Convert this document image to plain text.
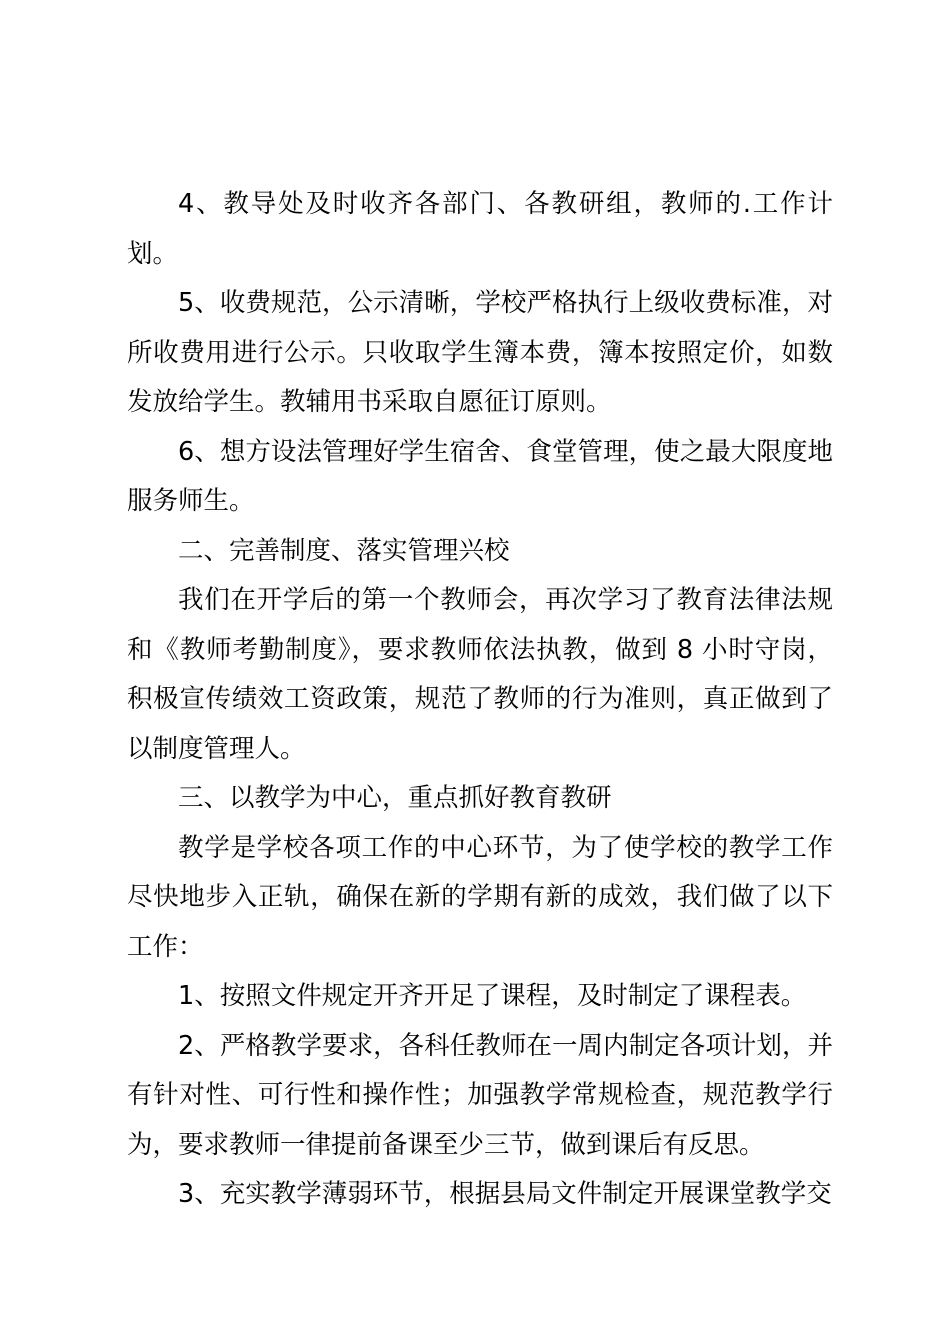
4、教导处及时收齐各部门、各教研组，教师的.工作计划。

5、收费规范，公示清晰，学校严格执行上级收费标准，对所收费用进行公示。只收取学生簿本费，簿本按照定价，如数发放给学生。教辅用书采取自愿征订原则。

6、想方设法管理好学生宿舍、食堂管理，使之最大限度地服务师生。

二、完善制度、落实管理兴校

我们在开学后的第一个教师会，再次学习了教育法律法规和《教师考勤制度》，要求教师依法执教，做到 8 小时守岗，积极宣传绩效工资政策，规范了教师的行为准则，真正做到了以制度管理人。

三、以教学为中心，重点抓好教育教研

教学是学校各项工作的中心环节，为了使学校的教学工作尽快地步入正轨，确保在新的学期有新的成效，我们做了以下工作：

1、按照文件规定开齐开足了课程，及时制定了课程表。

2、严格教学要求，各科任教师在一周内制定各项计划，并有针对性、可行性和操作性；加强教学常规检查，规范教学行为，要求教师一律提前备课至少三节，做到课后有反思。

3、充实教学薄弱环节，根据县局文件制定开展课堂教学交
